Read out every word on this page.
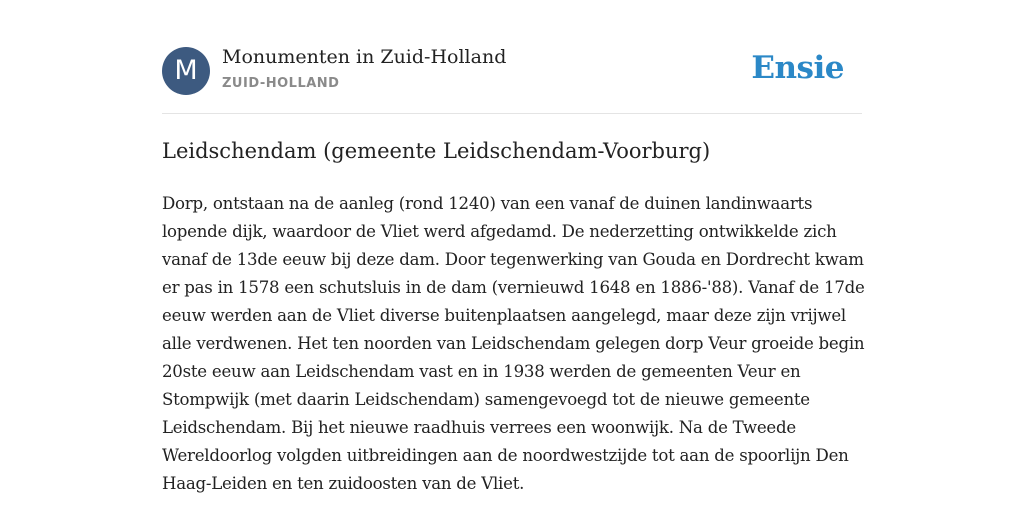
M	Monumenten in Zuid-Holland
ZUID-HOLLAND	Ensie
Leidschendam (gemeente Leidschendam-Voorburg)

Dorp, ontstaan na de aanleg (rond 1240) van een vanaf de duinen landinwaarts lopende dijk, waardoor de Vliet werd afgedamd. De nederzetting ontwikkelde zich vanaf de 13de eeuw bij deze dam. Door tegenwerking van Gouda en Dordrecht kwam er pas in 1578 een schutsluis in de dam (vernieuwd 1648 en 1886-'88). Vanaf de 17de eeuw werden aan de Vliet diverse buitenplaatsen aangelegd, maar deze zijn vrijwel alle verdwenen. Het ten noorden van Leidschendam gelegen dorp Veur groeide begin 20ste eeuw aan Leidschendam vast en in 1938 werden de gemeenten Veur en Stompwijk (met daarin Leidschendam) samengevoegd tot de nieuwe gemeente Leidschendam. Bij het nieuwe raadhuis verrees een woonwijk. Na de Tweede Wereldoorlog volgden uitbreidingen aan de noordwestzijde tot aan de spoorlijn Den Haag-Leiden en ten zuidoosten van de Vliet.
